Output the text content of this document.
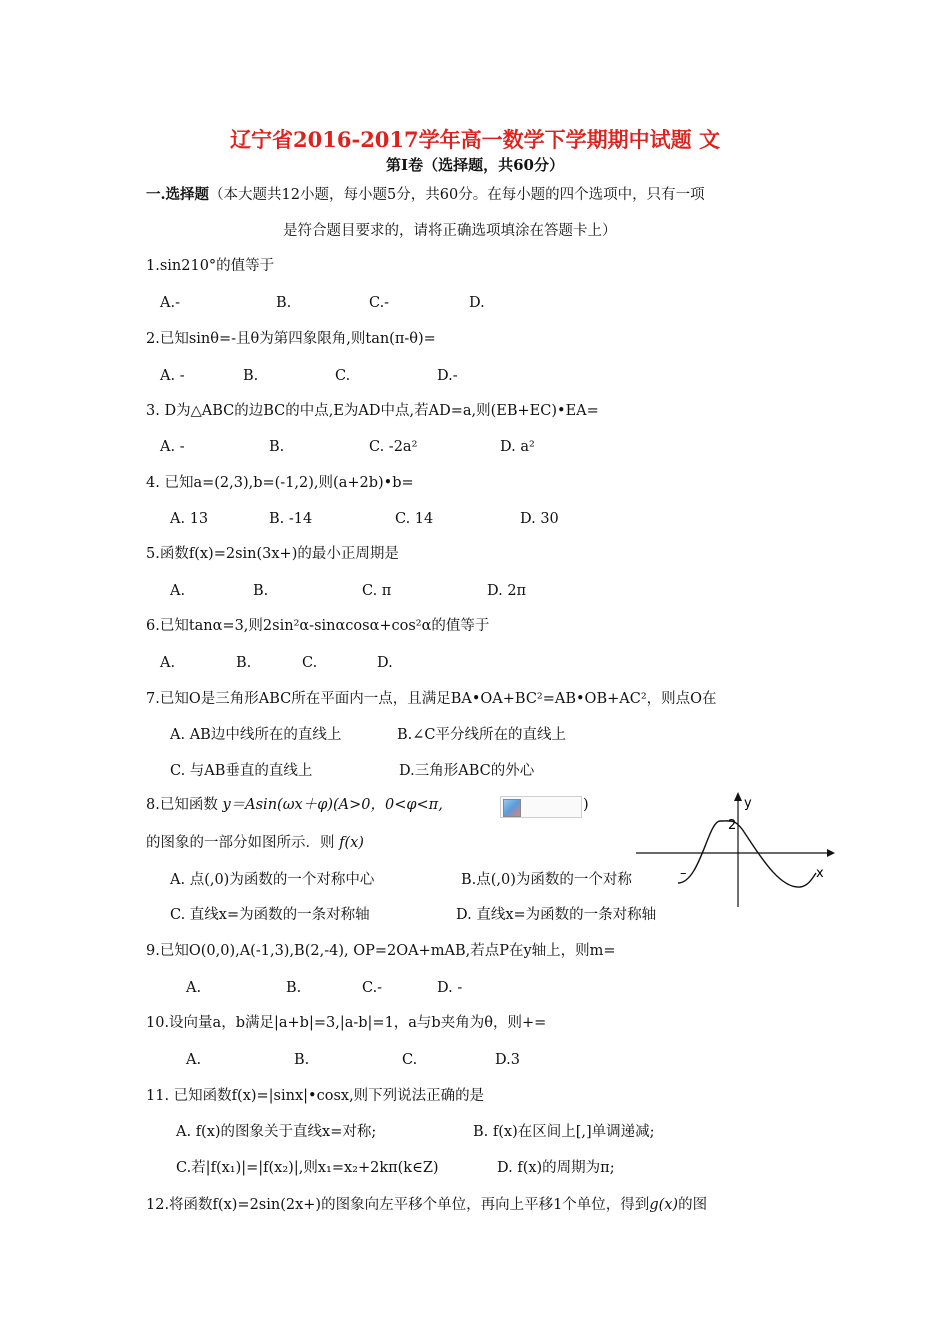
辽宁省2016-2017学年高一数学下学期期中试题 文
第Ⅰ卷（选择题，共60分）
一.选择题（本大题共12小题，每小题5分，共60分。在每小题的四个选项中，只有一项
是符合题目要求的，请将正确选项填涂在答题卡上）
1.sin210°的值等于
A.-	B.	C.-	D.
2.已知sinθ=-且θ为第四象限角,则tan(π-θ)=
A. -	B.	C.	D.-
3. D为△ABC的边BC的中点,E为AD中点,若AD=a,则(EB+EC)•EA=
A. -	B.	C. -2a²	D. a²
4. 已知a=(2,3),b=(-1,2),则(a+2b)•b=
A. 13	B. -14	C. 14	D. 30
5.函数f(x)=2sin(3x+)的最小正周期是
A.	B.	C. π	D. 2π
6.已知tanα=3,则2sin²α-sinαcosα+cos²α的值等于
A.	B.	C.	D.
7.已知O是三角形ABC所在平面内一点，且满足BA•OA+BC²=AB•OB+AC²，则点O在
A. AB边中线所在的直线上	B.∠C平分线所在的直线上
C. 与AB垂直的直线上	D.三角形ABC的外心
8.已知函数 y＝Asin(ωx＋φ)(A>0，0<φ<π,	)
的图象的一部分如图所示．则 f(x)
A. 点(,0)为函数的一个对称中心	B.点(,0)为函数的一个对称
C. 直线x=为函数的一条对称轴	D. 直线x=为函数的一条对称轴
y
x
2
–
9.已知O(0,0),A(-1,3),B(2,-4), OP=2OA+mAB,若点P在y轴上，则m=
A.	B.	C.-	D. -
10.设向量a，b满足|a+b|=3,|a-b|=1，a与b夹角为θ，则+=
A.	B.	C.	D.3
11. 已知函数f(x)=|sinx|•cosx,则下列说法正确的是
A. f(x)的图象关于直线x=对称;	B. f(x)在区间上[,]单调递减;
C.若|f(x₁)|=|f(x₂)|,则x₁=x₂+2kπ(k∈Z)	D. f(x)的周期为π;
12.将函数f(x)=2sin(2x+)的图象向左平移个单位，再向上平移1个单位，得到g(x)的图
